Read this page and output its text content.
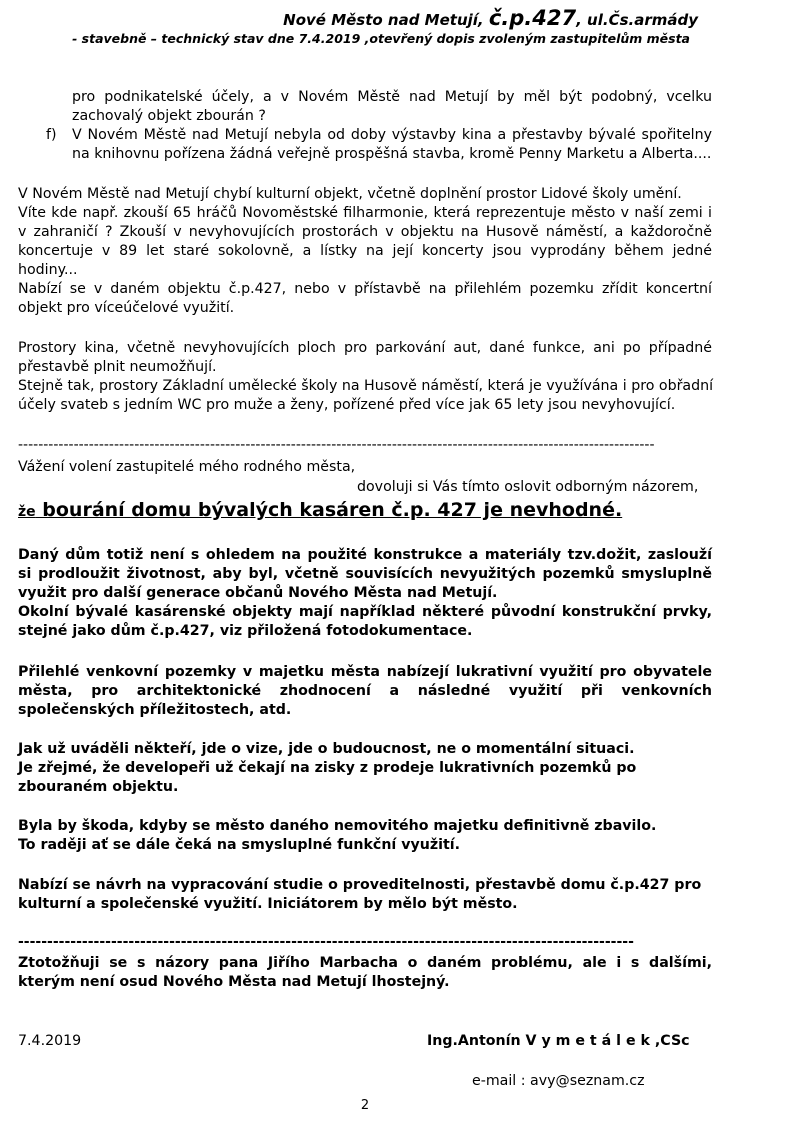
Nové Město nad Metují, č.p.427, ul.Čs.armády
- stavebně – technický stav dne 7.4.2019 ,otevřený dopis zvoleným zastupitelům města
pro podnikatelské účely, a v Novém Městě nad Metují by měl být podobný, vcelku
zachovalý objekt zbourán ?
f) V Novém Městě nad Metují nebyla od doby výstavby kina a přestavby bývalé spořitelny
na knihovnu pořízena žádná veřejně prospěšná stavba, kromě Penny Marketu a Alberta....
V Novém Městě nad Metují chybí kulturní objekt, včetně doplnění prostor Lidové školy umění.
Víte kde např. zkouší 65 hráčů Novoměstské filharmonie, která reprezentuje město v naší zemi i
v zahraničí ? Zkouší v nevyhovujících prostorách v objektu na Husově náměstí, a každoročně
koncertuje v 89 let staré sokolovně, a lístky na její koncerty jsou vyprodány během jedné
hodiny...
Nabízí se v daném objektu č.p.427, nebo v přístavbě na přilehlém pozemku zřídit koncertní
objekt pro víceúčelové využití.
Prostory kina, včetně nevyhovujících ploch pro parkování aut, dané funkce, ani po případné
přestavbě plnit neumožňují.
Stejně tak, prostory Základní umělecké školy na Husově náměstí, která je využívána i pro obřadní
účely svateb s jedním WC pro muže a ženy, pořízené před více jak 65 lety jsou nevyhovující.
------------------------------------------------------------------------------------------------------------------------------
Vážení volení zastupitelé mého rodného města,
dovoluji si Vás tímto oslovit odborným názorem,
že bourání domu bývalých kasáren č.p. 427 je nevhodné.
Daný dům totiž není s ohledem na použité konstrukce a materiály tzv.dožit, zaslouží
si prodloužit životnost, aby byl, včetně souvisících nevyužitých pozemků smysluplně
využit pro další generace občanů Nového Města nad Metují.
Okolní bývalé kasárenské objekty mají například některé původní konstrukční prvky,
stejné jako dům č.p.427, viz přiložená fotodokumentace.
Přilehlé venkovní pozemky v majetku města nabízejí lukrativní využití pro obyvatele
města, pro architektonické zhodnocení a následné využití při venkovních
společenských příležitostech, atd.
Jak už uváděli někteří, jde o vize, jde o budoucnost, ne o momentální situaci.
Je zřejmé, že developeři už čekají na zisky z prodeje lukrativních pozemků po
zbouraném objektu.
Byla by škoda, kdyby se město daného nemovitého majetku definitivně zbavilo.
To raději ať se dále čeká na smysluplné funkční využití.
Nabízí se návrh na vypracování studie o proveditelnosti, přestavbě domu č.p.427 pro
kulturní a společenské využití. Iniciátorem by mělo být město.
----------------------------------------------------------------------------------------------------------
Ztotožňuji se s názory pana Jiřího Marbacha o daném problému, ale i s dalšími,
kterým není osud Nového Města nad Metují lhostejný.
7.4.2019	Ing.Antonín V y m e t á l e k ,CSc
e-mail : avy@seznam.cz
2
